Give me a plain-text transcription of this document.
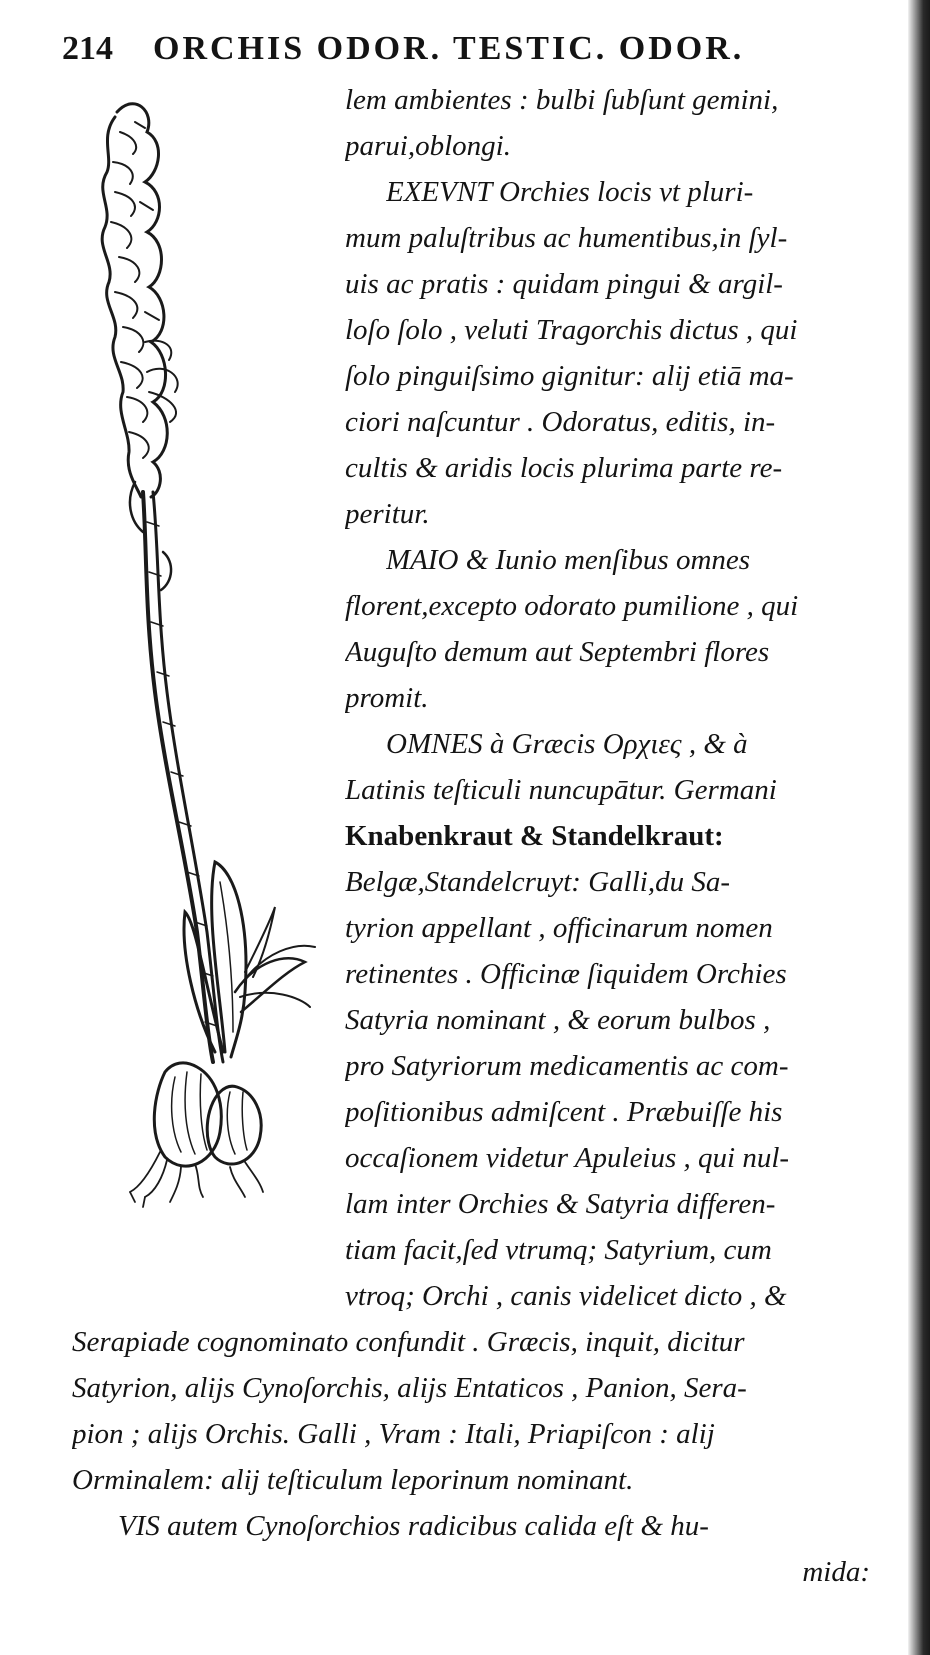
214 ORCHIS ODOR. TESTIC. ODOR.
lem ambientes : bulbi ſubſunt gemini,
parui,oblongi.
EXEVNT Orchies locis vt pluri-
mum paluſtribus ac humentibus,in ſyl-
uis ac pratis : quidam pingui & argil-
loſo ſolo , veluti Tragorchis dictus , qui
ſolo pinguiſsimo gignitur: alij etiā ma-
ciori naſcuntur . Odoratus, editis, in-
cultis & aridis locis plurima parte re-
peritur.
MAIO & Iunio menſibus omnes
florent,excepto odorato pumilione , qui
Auguſto demum aut Septembri flores
promit.
OMNES à Græcis Ορχιες , & à
Latinis teſticuli nuncupātur. Germani
Knabenkraut & Standelkraut:
Belgæ,Standelcruyt: Galli,du Sa-
tyrion appellant , officinarum nomen
retinentes . Officinæ ſiquidem Orchies
Satyria nominant , & eorum bulbos ,
pro Satyriorum medicamentis ac com-
poſitionibus admiſcent . Præbuiſſe his
occaſionem videtur Apuleius , qui nul-
lam inter Orchies & Satyria differen-
tiam facit,ſed vtrumq; Satyrium, cum
vtroq; Orchi , canis videlicet dicto , &
Serapiade cognominato confundit . Græcis, inquit, dicitur
Satyrion, alijs Cynoſorchis, alijs Entaticos , Panion, Sera-
pion ; alijs Orchis. Galli , Vram : Itali, Priapiſcon : alij
Orminalem: alij teſticulum leporinum nominant.
VIS autem Cynoſorchios radicibus calida eſt & hu-
mida:
